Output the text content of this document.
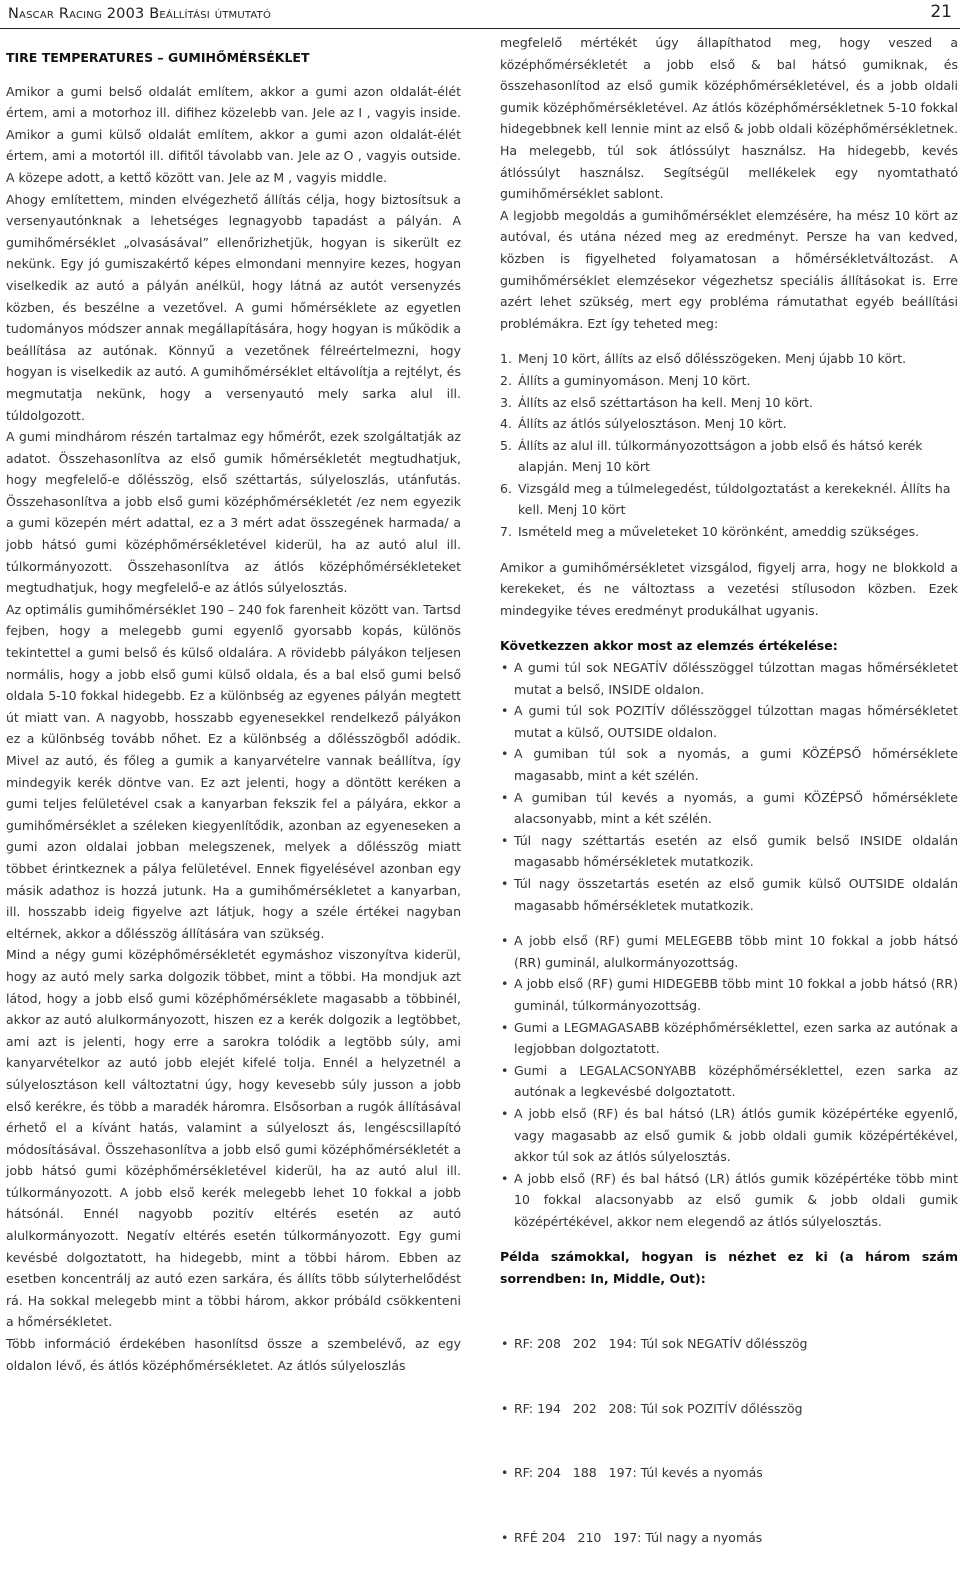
Nascar Racing 2003 Beállítási útmutató	21

TIRE TEMPERATURES – GUMIHŐMÉRSÉKLET

Amikor a gumi belső oldalát említem, akkor a gumi azon oldalát-élét értem, ami a motorhoz ill. difihez közelebb van. Jele az I , vagyis inside. Amikor a gumi külső oldalát említem, akkor a gumi azon oldalát-élét értem, ami a motortól ill. difitől távolabb van. Jele az O , vagyis outside. A közepe adott, a kettő között van. Jele az M , vagyis middle.

Ahogy említettem, minden elvégezhető állítás célja, hogy biztosítsuk a versenyautónknak a lehetséges legnagyobb tapadást a pályán. A gumihőmérséklet „olvasásával” ellenőrizhetjük, hogyan is sikerült ez nekünk. Egy jó gumiszakértő képes elmondani mennyire kezes, hogyan viselkedik az autó a pályán anélkül, hogy látná az autót versenyzés közben, és beszélne a vezetővel. A gumi hőmérséklete az egyetlen tudományos módszer annak megállapítására, hogy hogyan is működik a beállítása az autónak. Könnyű a vezetőnek félreértelmezni, hogy hogyan is viselkedik az autó. A gumihőmérséklet eltávolítja a rejtélyt, és megmutatja nekünk, hogy a versenyautó mely sarka alul ill. túldolgozott.

A gumi mindhárom részén tartalmaz egy hőmérőt, ezek szolgáltatják az adatot. Összehasonlítva az első gumik hőmérsékletét megtudhatjuk, hogy megfelelő-e dőlésszög, első széttartás, súlyeloszlás, utánfutás. Összehasonlítva a jobb első gumi középhőmérsékletét /ez nem egyezik a gumi közepén mért adattal, ez a 3 mért adat összegének harmada/ a jobb hátsó gumi középhőmérsékletével kiderül, ha az autó alul ill. túlkormányozott. Összehasonlítva az átlós középhőmérsékleteket megtudhatjuk, hogy megfelelő-e az átlós súlyelosztás.

Az optimális gumihőmérséklet 190 – 240 fok farenheit között van. Tartsd fejben, hogy a melegebb gumi egyenlő gyorsabb kopás, különös tekintettel a gumi belső és külső oldalára. A rövidebb pályákon teljesen normális, hogy a jobb első gumi külső oldala, és a bal első gumi belső oldala 5-10 fokkal hidegebb. Ez a különbség az egyenes pályán megtett út miatt van. A nagyobb, hosszabb egyenesekkel rendelkező pályákon ez a különbség tovább nőhet. Ez a különbség a dőlésszögből adódik. Mivel az autó, és főleg a gumik a kanyarvételre vannak beállítva, így mindegyik kerék döntve van. Ez azt jelenti, hogy a döntött keréken a gumi teljes felületével csak a kanyarban fekszik fel a pályára, ekkor a gumihőmérséklet a széleken kiegyenlítődik, azonban az egyeneseken a gumi azon oldalai jobban melegszenek, melyek a dőlésszög miatt többet érintkeznek a pálya felületével. Ennek figyelésével azonban egy másik adathoz is hozzá jutunk. Ha a gumihőmérsékletet a kanyarban, ill. hosszabb ideig figyelve azt látjuk, hogy a széle értékei nagyban eltérnek, akkor a dőlésszög állítására van szükség.

Mind a négy gumi középhőmérsékletét egymáshoz viszonyítva kiderül, hogy az autó mely sarka dolgozik többet, mint a többi. Ha mondjuk azt látod, hogy a jobb első gumi középhőmérséklete magasabb a többinél, akkor az autó alulkormányozott, hiszen ez a kerék dolgozik a legtöbbet, ami azt is jelenti, hogy erre a sarokra tolódik a legtöbb súly, ami kanyarvételkor az autó jobb elejét kifelé tolja. Ennél a helyzetnél a súlyelosztáson kell változtatni úgy, hogy kevesebb súly jusson a jobb első kerékre, és több a maradék háromra. Elsősorban a rugók állításával érhető el a kívánt hatás, valamint a súlyeloszt ás, lengéscsillapító módosításával. Összehasonlítva a jobb első gumi középhőmérsékletét a jobb hátsó gumi középhőmérsékletével kiderül, ha az autó alul ill. túlkormányozott. A jobb első kerék melegebb lehet 10 fokkal a jobb hátsónál. Ennél nagyobb pozitív eltérés esetén az autó alulkormányozott. Negatív eltérés esetén túlkormányozott. Egy gumi kevésbé dolgoztatott, ha hidegebb, mint a többi három. Ebben az esetben koncentrálj az autó ezen sarkára, és állíts több súlyterhelődést rá. Ha sokkal melegebb mint a többi három, akkor próbáld csökkenteni a hőmérsékletet.

Több információ érdekében hasonlítsd össze a szembelévő, az egy oldalon lévő, és átlós középhőmérsékletet. Az átlós súlyeloszlás

megfelelő mértékét úgy állapíthatod meg, hogy veszed a középhőmérsékletét a jobb első & bal hátsó gumiknak, és összehasonlítod az első gumik középhőmérsékletével, és a jobb oldali gumik középhőmérsékletével. Az átlós középhőmérsékletnek 5-10 fokkal hidegebbnek kell lennie mint az első & jobb oldali középhőmérsékletnek. Ha melegebb, túl sok átlóssúlyt használsz. Ha hidegebb, kevés átlóssúlyt használsz. Segítségül mellékelek egy nyomtatható gumihőmérséklet sablont.

A legjobb megoldás a gumihőmérséklet elemzésére, ha mész 10 kört az autóval, és utána nézed meg az eredményt. Persze ha van kedved, közben is figyelheted folyamatosan a hőmérsékletváltozást. A gumihőmérséklet elemzésekor végezhetsz speciális állításokat is. Erre azért lehet szükség, mert egy probléma rámutathat egyéb beállítási problémákra. Ezt így teheted meg:

1. Menj 10 kört, állíts az első dőlésszögeken. Menj újabb 10 kört.
2. Állíts a guminyomáson. Menj 10 kört.
3. Állíts az első széttartáson ha kell. Menj 10 kört.
4. Állíts az átlós súlyelosztáson. Menj 10 kört.
5. Állíts az alul ill. túlkormányozottságon a jobb első és hátsó kerék alapján. Menj 10 kört
6. Vizsgáld meg a túlmelegedést, túldolgoztatást a kerekeknél. Állíts ha kell. Menj 10 kört
7. Ismételd meg a műveleteket 10 körönként, ameddig szükséges.

Amikor a gumihőmérsékletet vizsgálod, figyelj arra, hogy ne blokkold a kerekeket, és ne változtass a vezetési stílusodon közben. Ezek mindegyike téves eredményt produkálhat ugyanis.

Következzen akkor most az elemzés értékelése:

• A gumi túl sok NEGATÍV dőlésszöggel túlzottan magas hőmérsékletet mutat a belső, INSIDE oldalon.
• A gumi túl sok POZITÍV dőlésszöggel túlzottan magas hőmérsékletet mutat a külső, OUTSIDE oldalon.
• A gumiban túl sok a nyomás, a gumi KÖZÉPSŐ hőmérséklete magasabb, mint a két szélén.
• A gumiban túl kevés a nyomás, a gumi KÖZÉPSŐ hőmérséklete alacsonyabb, mint a két szélén.
• Túl nagy széttartás esetén az első gumik belső INSIDE oldalán magasabb hőmérsékletek mutatkozik.
• Túl nagy összetartás esetén az első gumik külső OUTSIDE oldalán magasabb hőmérsékletek mutatkozik.
• A jobb első (RF) gumi MELEGEBB több mint 10 fokkal a jobb hátsó (RR) guminál, alulkormányozottság.
• A jobb első (RF) gumi HIDEGEBB több mint 10 fokkal a jobb hátsó (RR) guminál, túlkormányozottság.
• Gumi a LEGMAGASABB középhőmérséklettel, ezen sarka az autónak a legjobban dolgoztatott.
• Gumi a LEGALACSONYABB középhőmérséklettel, ezen sarka az autónak a legkevésbé dolgoztatott.
• A jobb első (RF) és bal hátsó (LR) átlós gumik középértéke egyenlő, vagy magasabb az első gumik & jobb oldali gumik középértékével, akkor túl sok az átlós súlyelosztás.
• A jobb első (RF) és bal hátsó (LR) átlós gumik középértéke több mint 10 fokkal alacsonyabb az első gumik & jobb oldali gumik középértékével, akkor nem elegendő az átlós súlyelosztás.

Példa számokkal, hogyan is nézhet ez ki (a három szám sorrendben: In, Middle, Out):

• RF: 208   202   194: Túl sok NEGATÍV dőlésszög

• RF: 194   202   208: Túl sok POZITÍV dőlésszög

• RF: 204   188   197: Túl kevés a nyomás

• RFÉ 204   210   197: Túl nagy a nyomás
